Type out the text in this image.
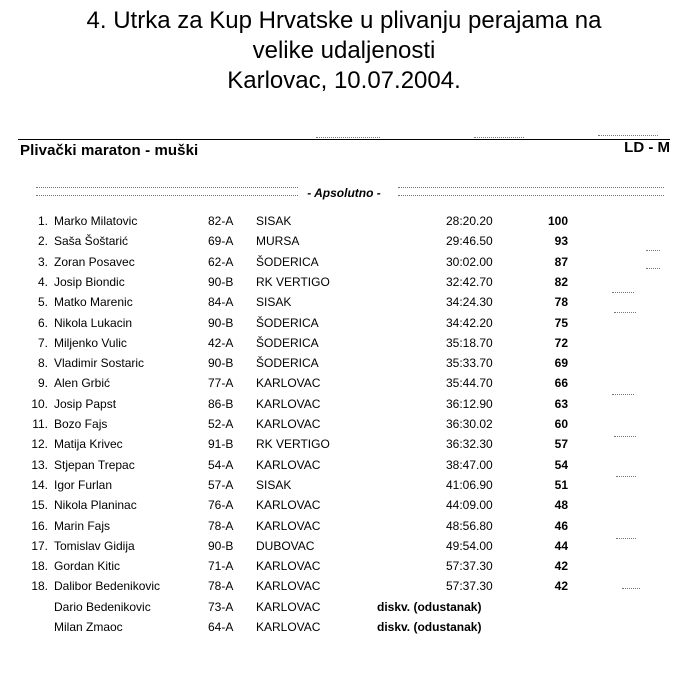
4. Utrka za Kup Hrvatske u plivanju perajama na
velike udaljenosti
Karlovac, 10.07.2004.
Plivački maraton - muški	LD - M
- Apsolutno -
1. Marko Milatovic	82-A SISAK	28:20.20	100
2. Saša Šoštarić	69-A MURSA	29:46.50	93
3. Zoran Posavec	62-A ŠODERICA	30:02.00	87
4. Josip Biondic	90-B RK VERTIGO	32:42.70	82
5. Matko Marenic	84-A SISAK	34:24.30	78
6. Nikola Lukacin	90-B ŠODERICA	34:42.20	75
7. Miljenko Vulic	42-A ŠODERICA	35:18.70	72
8. Vladimir Sostaric	90-B ŠODERICA	35:33.70	69
9. Alen Grbić	77-A KARLOVAC	35:44.70	66
10. Josip Papst	86-B KARLOVAC	36:12.90	63
11. Bozo Fajs	52-A KARLOVAC	36:30.02	60
12. Matija Krivec	91-B RK VERTIGO	36:32.30	57
13. Stjepan Trepac	54-A KARLOVAC	38:47.00	54
14. Igor Furlan	57-A SISAK	41:06.90	51
15. Nikola Planinac	76-A KARLOVAC	44:09.00	48
16. Marin Fajs	78-A KARLOVAC	48:56.80	46
17. Tomislav Gidija	90-B DUBOVAC	49:54.00	44
18. Gordan Kitic	71-A KARLOVAC	57:37.30	42
18. Dalibor Bedenikovic	78-A KARLOVAC	57:37.30	42
Dario Bedenikovic	73-A KARLOVAC	diskv. (odustanak)
Milan Zmaoc	64-A KARLOVAC	diskv. (odustanak)
